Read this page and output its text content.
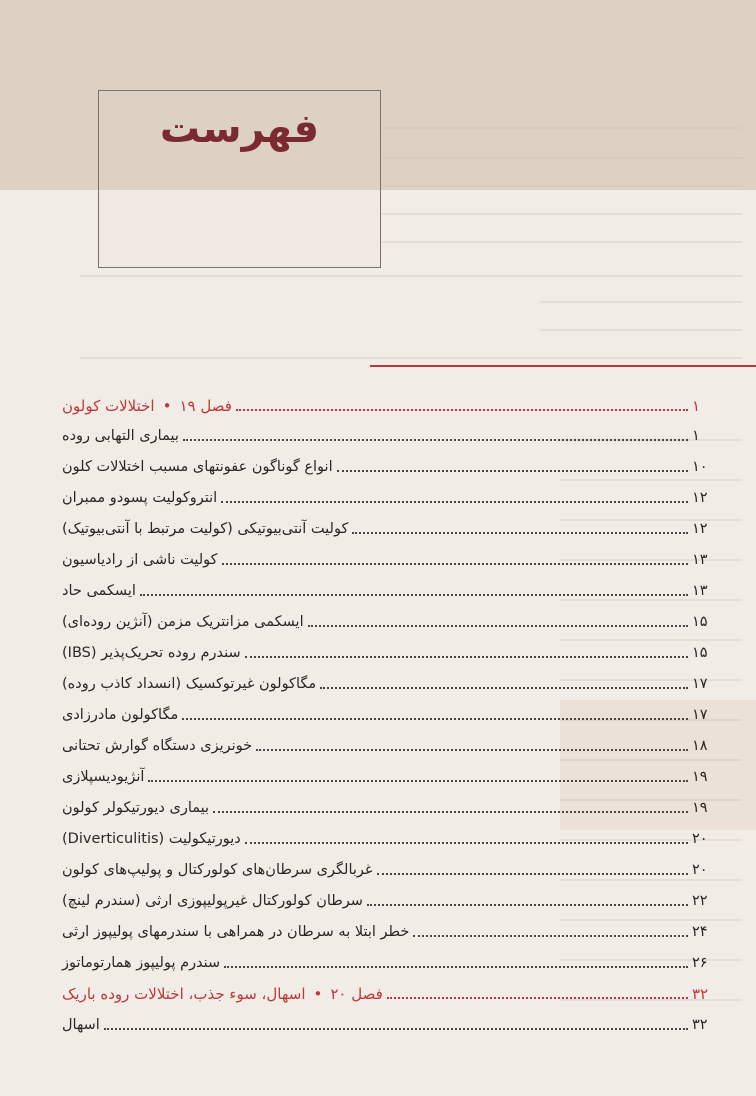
فهرست
فصل ۱۹•اختلالات کولون	۱
بیماری التهابی روده	۱
انواع گوناگون عفونتهای مسبب اختلالات کلون	۱۰
انتروکولیت پسودو ممبران	۱۲
کولیت آنتی‌بیوتیکی (کولیت مرتبط با آنتی‌بیوتیک)	۱۲
کولیت ناشی از رادیاسیون	۱۳
ایسکمی حاد	۱۳
ایسکمی مزانتریک مزمن (آنژین روده‌ای)	۱۵
سندرم روده تحریک‌پذیر (IBS)	۱۵
مگاکولون غیرتوکسیک (انسداد کاذب روده)	۱۷
مگاکولون مادرزادی	۱۷
خونریزی دستگاه گوارش تحتانی	۱۸
آنژیودیسپلازی	۱۹
بیماری دیورتیکولر کولون	۱۹
دیورتیکولیت (Diverticulitis)	۲۰
غربالگری سرطان‌های کولورکتال و پولیپ‌های کولون	۲۰
سرطان کولورکتال غیرپولیپوزی ارثی (سندرم لینچ)	۲۲
خطر ابتلا به سرطان در همراهی با سندرمهای پولیپوز ارثی	۲۴
سندرم پولیپوز همارتوماتوز	۲۶
فصل ۲۰•اسهال، سوء جذب، اختلالات روده باریک	۳۲
اسهال	۳۲
